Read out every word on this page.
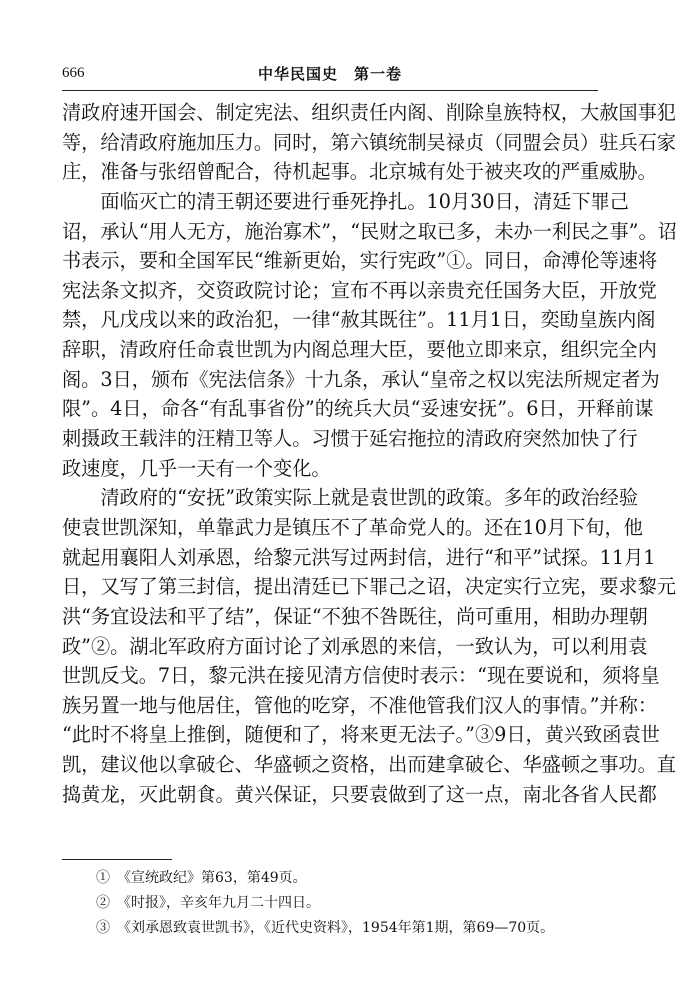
666	中华民国史　第一卷
清政府速开国会、制定宪法、组织责任内阁、削除皇族特权，大赦国事犯
等，给清政府施加压力。同时，第六镇统制吴禄贞（同盟会员）驻兵石家
庄，准备与张绍曾配合，待机起事。北京城有处于被夹攻的严重威胁。
　　面临灭亡的清王朝还要进行垂死挣扎。10月30日，清廷下罪己
诏，承认“用人无方，施治寡术”，“民财之取已多，未办一利民之事”。诏
书表示，要和全国军民“维新更始，实行宪政”①。同日，命溥伦等速将
宪法条文拟齐，交资政院讨论；宣布不再以亲贵充任国务大臣，开放党
禁，凡戊戌以来的政治犯，一律“赦其既往”。11月1日，奕劻皇族内阁
辞职，清政府任命袁世凯为内阁总理大臣，要他立即来京，组织完全内
阁。3日，颁布《宪法信条》十九条，承认“皇帝之权以宪法所规定者为
限”。4日，命各“有乱事省份”的统兵大员“妥速安抚”。6日，开释前谋
刺摄政王载沣的汪精卫等人。习惯于延宕拖拉的清政府突然加快了行
政速度，几乎一天有一个变化。
　　清政府的“安抚”政策实际上就是袁世凯的政策。多年的政治经验
使袁世凯深知，单靠武力是镇压不了革命党人的。还在10月下旬，他
就起用襄阳人刘承恩，给黎元洪写过两封信，进行“和平”试探。11月1
日，又写了第三封信，提出清廷已下罪己之诏，决定实行立宪，要求黎元
洪“务宜设法和平了结”，保证“不独不咎既往，尚可重用，相助办理朝
政”②。湖北军政府方面讨论了刘承恩的来信，一致认为，可以利用袁
世凯反戈。7日，黎元洪在接见清方信使时表示：“现在要说和，须将皇
族另置一地与他居住，管他的吃穿，不准他管我们汉人的事情。”并称：
“此时不将皇上推倒，随便和了，将来更无法子。”③9日，黄兴致函袁世
凯，建议他以拿破仑、华盛顿之资格，出而建拿破仑、华盛顿之事功。直
捣黄龙，灭此朝食。黄兴保证，只要袁做到了这一点，南北各省人民都
①　《宣统政纪》第63，第49页。
②　《时报》，辛亥年九月二十四日。
③　《刘承恩致袁世凯书》，《近代史资料》，1954年第1期，第69—70页。
